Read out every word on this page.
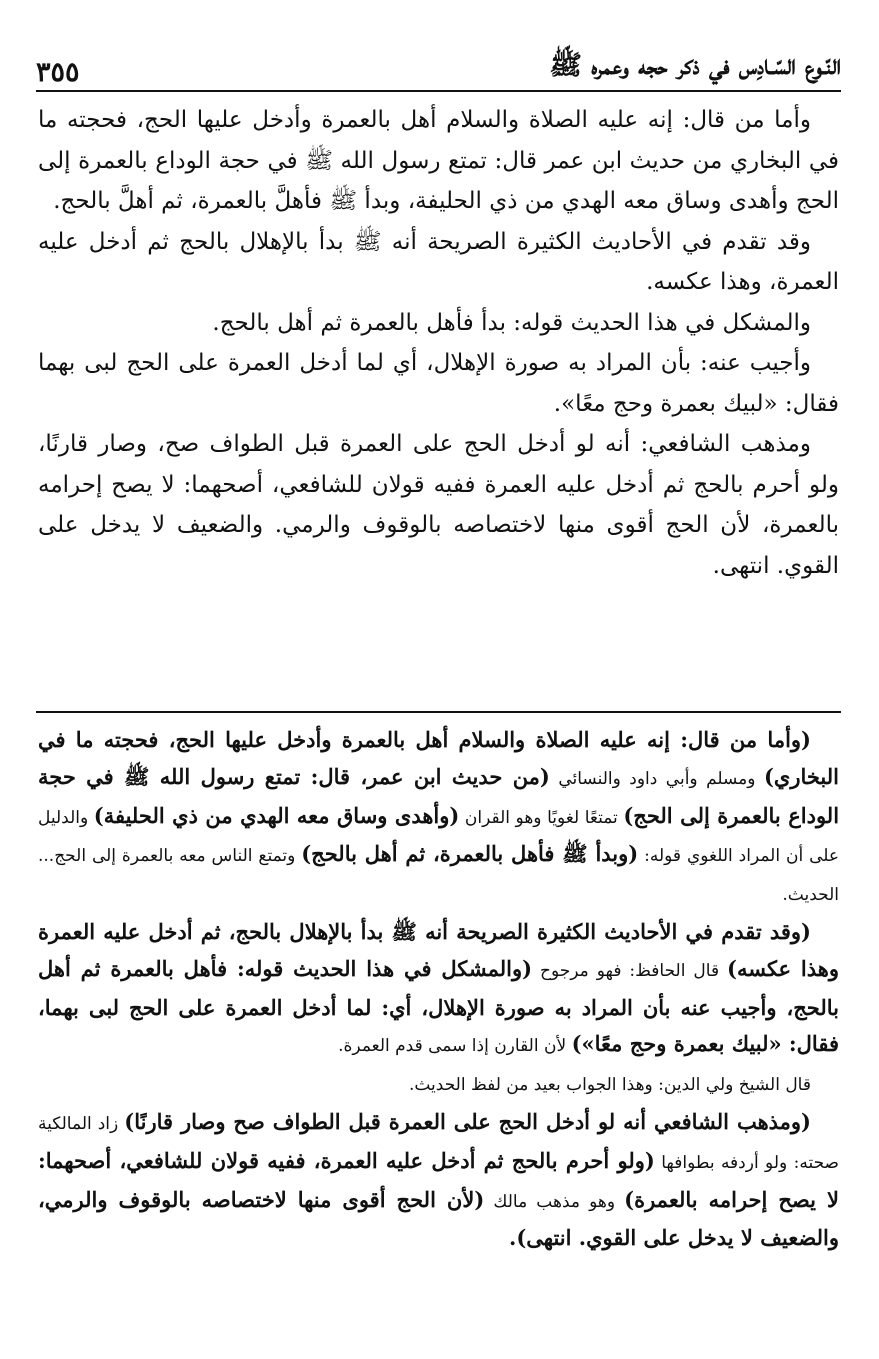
النّـوع السّـادِس في ذكر حجه وعمره ﷺ
٣٥٥

وأما من قال: إنه عليه الصلاة والسلام أهل بالعمرة وأدخل عليها الحج، فحجته ما في البخاري من حديث ابن عمر قال: تمتع رسول الله ﷺ في حجة الوداع بالعمرة إلى الحج وأهدى وساق معه الهدي من ذي الحليفة، وبدأ ﷺ فأهلَّ بالعمرة، ثم أهلَّ بالحج.

وقد تقدم في الأحاديث الكثيرة الصريحة أنه ﷺ بدأ بالإهلال بالحج ثم أدخل عليه العمرة، وهذا عكسه.

والمشكل في هذا الحديث قوله: بدأ فأهل بالعمرة ثم أهل بالحج.

وأجيب عنه: بأن المراد به صورة الإهلال، أي لما أدخل العمرة على الحج لبى بهما فقال: «لبيك بعمرة وحج معًا».

ومذهب الشافعي: أنه لو أدخل الحج على العمرة قبل الطواف صح، وصار قارنًا، ولو أحرم بالحج ثم أدخل عليه العمرة ففيه قولان للشافعي، أصحهما: لا يصح إحرامه بالعمرة، لأن الحج أقوى منها لاختصاصه بالوقوف والرمي. والضعيف لا يدخل على القوي. انتهى.

(وأما من قال: إنه عليه الصلاة والسلام أهل بالعمرة وأدخل عليها الحج، فحجته ما في البخاري) ومسلم وأبي داود والنسائي (من حديث ابن عمر، قال: تمتع رسول الله ﷺ في حجة الوداع بالعمرة إلى الحج) تمتعًا لغويًا وهو القران (وأهدى وساق معه الهدي من ذي الحليفة) والدليل على أن المراد اللغوي قوله: (وبدأ ﷺ فأهل بالعمرة، ثم أهل بالحج) وتمتع الناس معه بالعمرة إلى الحج... الحديث.

(وقد تقدم في الأحاديث الكثيرة الصريحة أنه ﷺ بدأ بالإهلال بالحج، ثم أدخل عليه العمرة وهذا عكسه) قال الحافظ: فهو مرجوح (والمشكل في هذا الحديث قوله: فأهل بالعمرة ثم أهل بالحج، وأجيب عنه بأن المراد به صورة الإهلال، أي: لما أدخل العمرة على الحج لبى بهما، فقال: «لبيك بعمرة وحج معًا») لأن القارن إذا سمى قدم العمرة.

قال الشيخ ولي الدين: وهذا الجواب بعيد من لفظ الحديث.

(ومذهب الشافعي أنه لو أدخل الحج على العمرة قبل الطواف صح وصار قارنًا) زاد المالكية صحته: ولو أردفه بطوافها (ولو أحرم بالحج ثم أدخل عليه العمرة، ففيه قولان للشافعي، أصحهما: لا يصح إحرامه بالعمرة) وهو مذهب مالك (لأن الحج أقوى منها لاختصاصه بالوقوف والرمي، والضعيف لا يدخل على القوي. انتهى).
